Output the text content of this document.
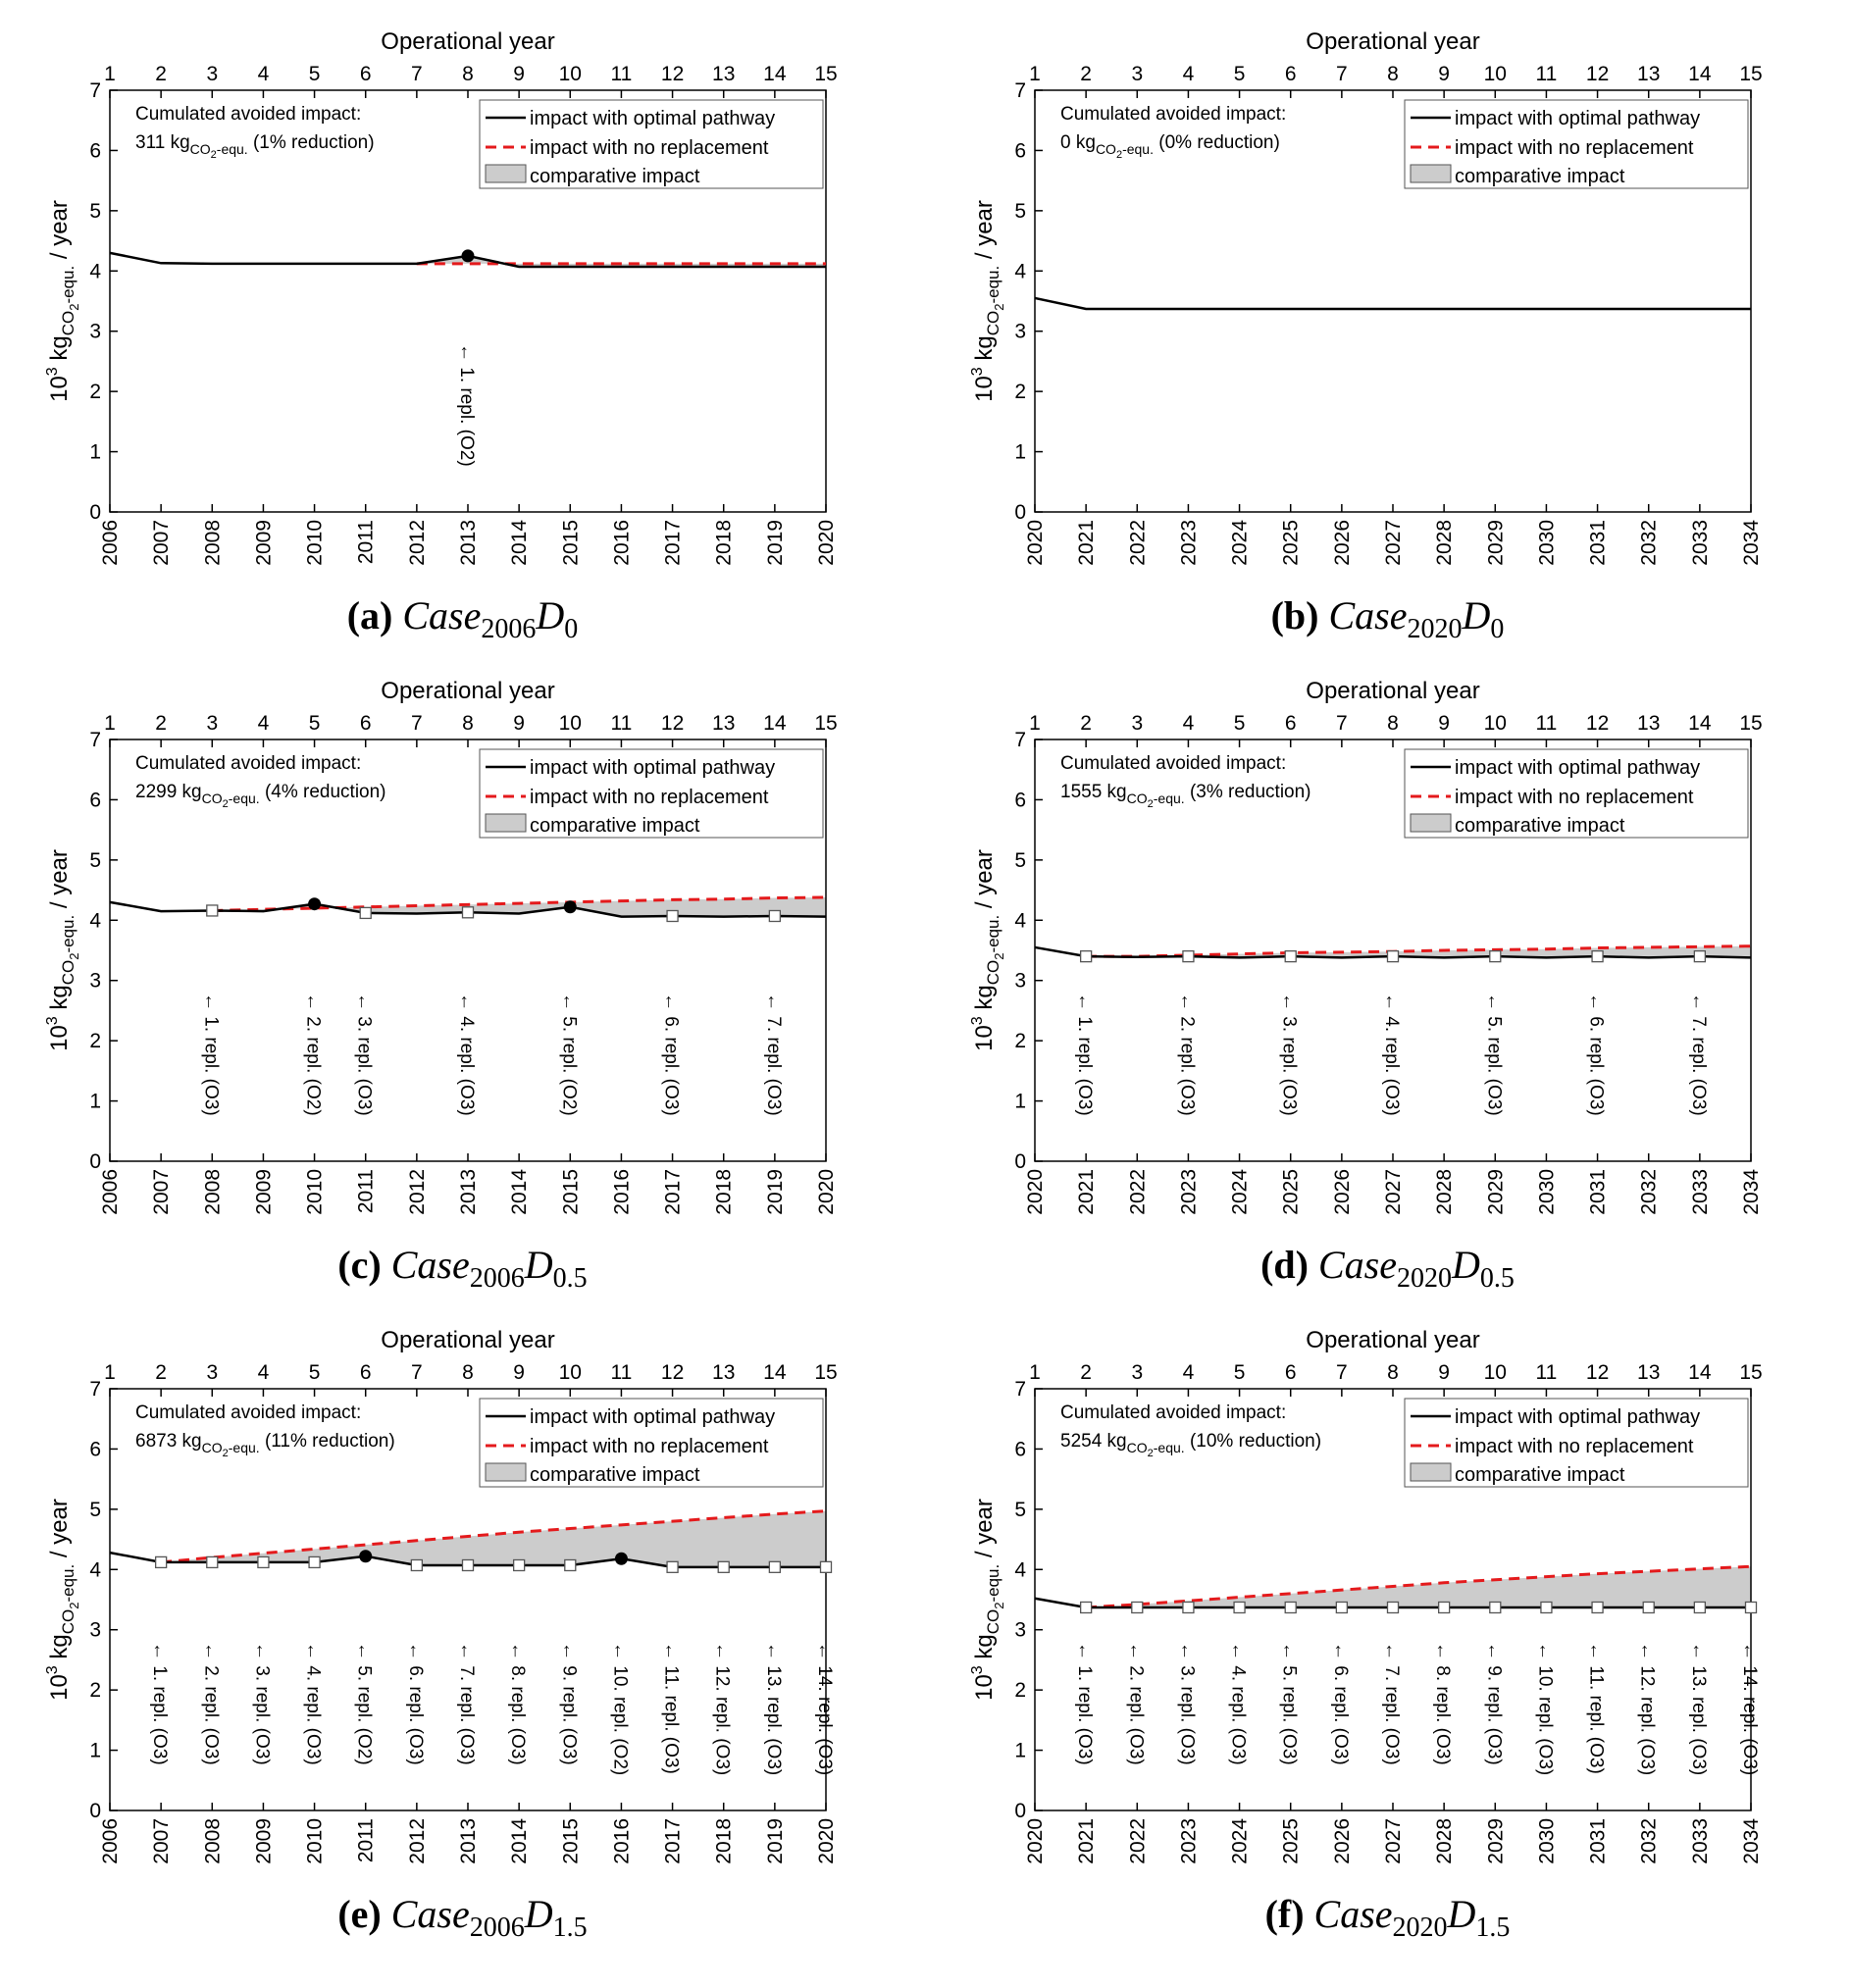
0
1
2
3
4
5
6
7
2006 2007 2008 2009 2010 2011 2012 2013 2014 2015 2016 2017 2018 2019 2020
1 2 3 4 5 6 7 8 9 10 11 12 13 14 15
Operational year
$10^3$ $kg_{CO2}^{-equ.}$ / year
← 1. repl. (O2)
Cumulated avoided impact:
311 $kg_{CO2}^{-equ.}$ (1% reduction)
impact with optimal pathway
impact with no replacement
comparative impact
(a) $Case_{2006}D_0$
0
1
2
3
4
5
6
7
2020 2021 2022 2023 2024 2025 2026 2027 2028 2029 2030 2031 2032 2033 2034
1 2 3 4 5 6 7 8 9 10 11 12 13 14 15
Operational year
$10^3$ $kg_{CO2}^{-equ.}$ / year
Cumulated avoided impact:
0 $kg_{CO2}^{-equ.}$ (0% reduction)
impact with optimal pathway
impact with no replacement
comparative impact
(b) $Case_{2020}D_0$
0
1
2
3
4
5
6
7
2006 2007 2008 2009 2010 2011 2012 2013 2014 2015 2016 2017 2018 2019 2020
1 2 3 4 5 6 7 8 9 10 11 12 13 14 15
Operational year
$10^3$ $kg_{CO2}^{-equ.}$ / year
← 1. repl. (O3)	← 2. repl. (O2) ← 3. repl. (O3)	← 4. repl. (O3)	← 5. repl. (O2)	← 6. repl. (O3)	← 7. repl. (O3)
Cumulated avoided impact:
2299 $kg_{CO2}^{-equ.}$ (4% reduction)
impact with optimal pathway
impact with no replacement
comparative impact
(c) $Case_{2006}D_{0.5}$
0
1
2
3
4
5
6
7
2020 2021 2022 2023 2024 2025 2026 2027 2028 2029 2030 2031 2032 2033 2034
1 2 3 4 5 6 7 8 9 10 11 12 13 14 15
Operational year
$10^3$ $kg_{CO2}^{-equ.}$ / year
← 1. repl. (O3)	← 2. repl. (O3)	← 3. repl. (O3)	← 4. repl. (O3)	← 5. repl. (O3)	← 6. repl. (O3)	← 7. repl. (O3)
Cumulated avoided impact:
1555 $kg_{CO2}^{-equ.}$ (3% reduction)
impact with optimal pathway
impact with no replacement
comparative impact
(d) $Case_{2020}D_{0.5}$
0
1
2
3
4
5
6
7
2006 2007 2008 2009 2010 2011 2012 2013 2014 2015 2016 2017 2018 2019 2020
1 2 3 4 5 6 7 8 9 10 11 12 13 14 15
Operational year
$10^3$ $kg_{CO2}^{-equ.}$ / year
← 1. repl. (O3) ← 2. repl. (O3) ← 3. repl. (O3) ← 4. repl. (O3) ← 5. repl. (O2) ← 6. repl. (O3) ← 7. repl. (O3) ← 8. repl. (O3) ← 9. repl. (O3) ← 10. repl. (O2) ← 11. repl. (O3) ← 12. repl. (O3) ← 13. repl. (O3) ← 14. repl. (O3)
Cumulated avoided impact:
6873 $kg_{CO2}^{-equ.}$ (11% reduction)
impact with optimal pathway
impact with no replacement
comparative impact
(e) $Case_{2006}D_{1.5}$
0
1
2
3
4
5
6
7
2020 2021 2022 2023 2024 2025 2026 2027 2028 2029 2030 2031 2032 2033 2034
1 2 3 4 5 6 7 8 9 10 11 12 13 14 15
Operational year
$10^3$ $kg_{CO2}^{-equ.}$ / year
← 1. repl. (O3) ← 2. repl. (O3) ← 3. repl. (O3) ← 4. repl. (O3) ← 5. repl. (O3) ← 6. repl. (O3) ← 7. repl. (O3) ← 8. repl. (O3) ← 9. repl. (O3) ← 10. repl. (O3) ← 11. repl. (O3) ← 12. repl. (O3) ← 13. repl. (O3) ← 14. repl. (O3)
Cumulated avoided impact:
5254 $kg_{CO2}^{-equ.}$ (10% reduction)
impact with optimal pathway
impact with no replacement
comparative impact
(f) $Case_{2020}D_{1.5}$
